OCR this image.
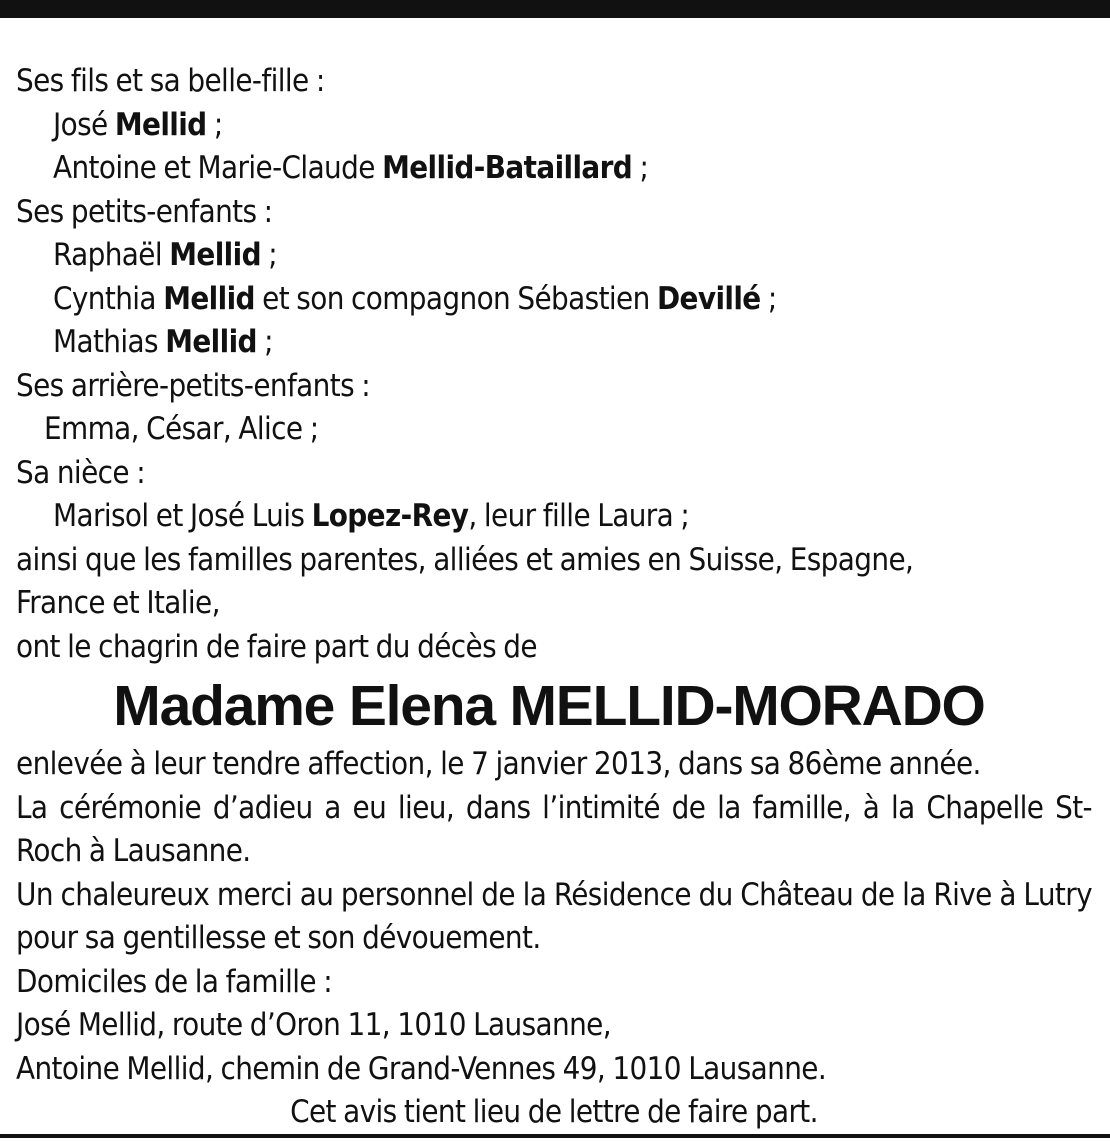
Ses fils et sa belle-fille :
José Mellid ;
Antoine et Marie-Claude Mellid-Bataillard ;
Ses petits-enfants :
Raphaël Mellid ;
Cynthia Mellid et son compagnon Sébastien Devillé ;
Mathias Mellid ;
Ses arrière-petits-enfants :
Emma, César, Alice ;
Sa nièce :
Marisol et José Luis Lopez-Rey, leur fille Laura ;
ainsi que les familles parentes, alliées et amies en Suisse, Espagne,
France et Italie,
ont le chagrin de faire part du décès de
Madame Elena MELLID-MORADO
enlevée à leur tendre affection, le 7 janvier 2013, dans sa 86ème année.
La cérémonie d’adieu a eu lieu, dans l’intimité de la famille, à la Chapelle St-Roch à Lausanne.
Un chaleureux merci au personnel de la Résidence du Château de la Rive à Lutry pour sa gentillesse et son dévouement.
Domiciles de la famille :
José Mellid, route d’Oron 11, 1010 Lausanne,
Antoine Mellid, chemin de Grand-Vennes 49, 1010 Lausanne.
Cet avis tient lieu de lettre de faire part.
